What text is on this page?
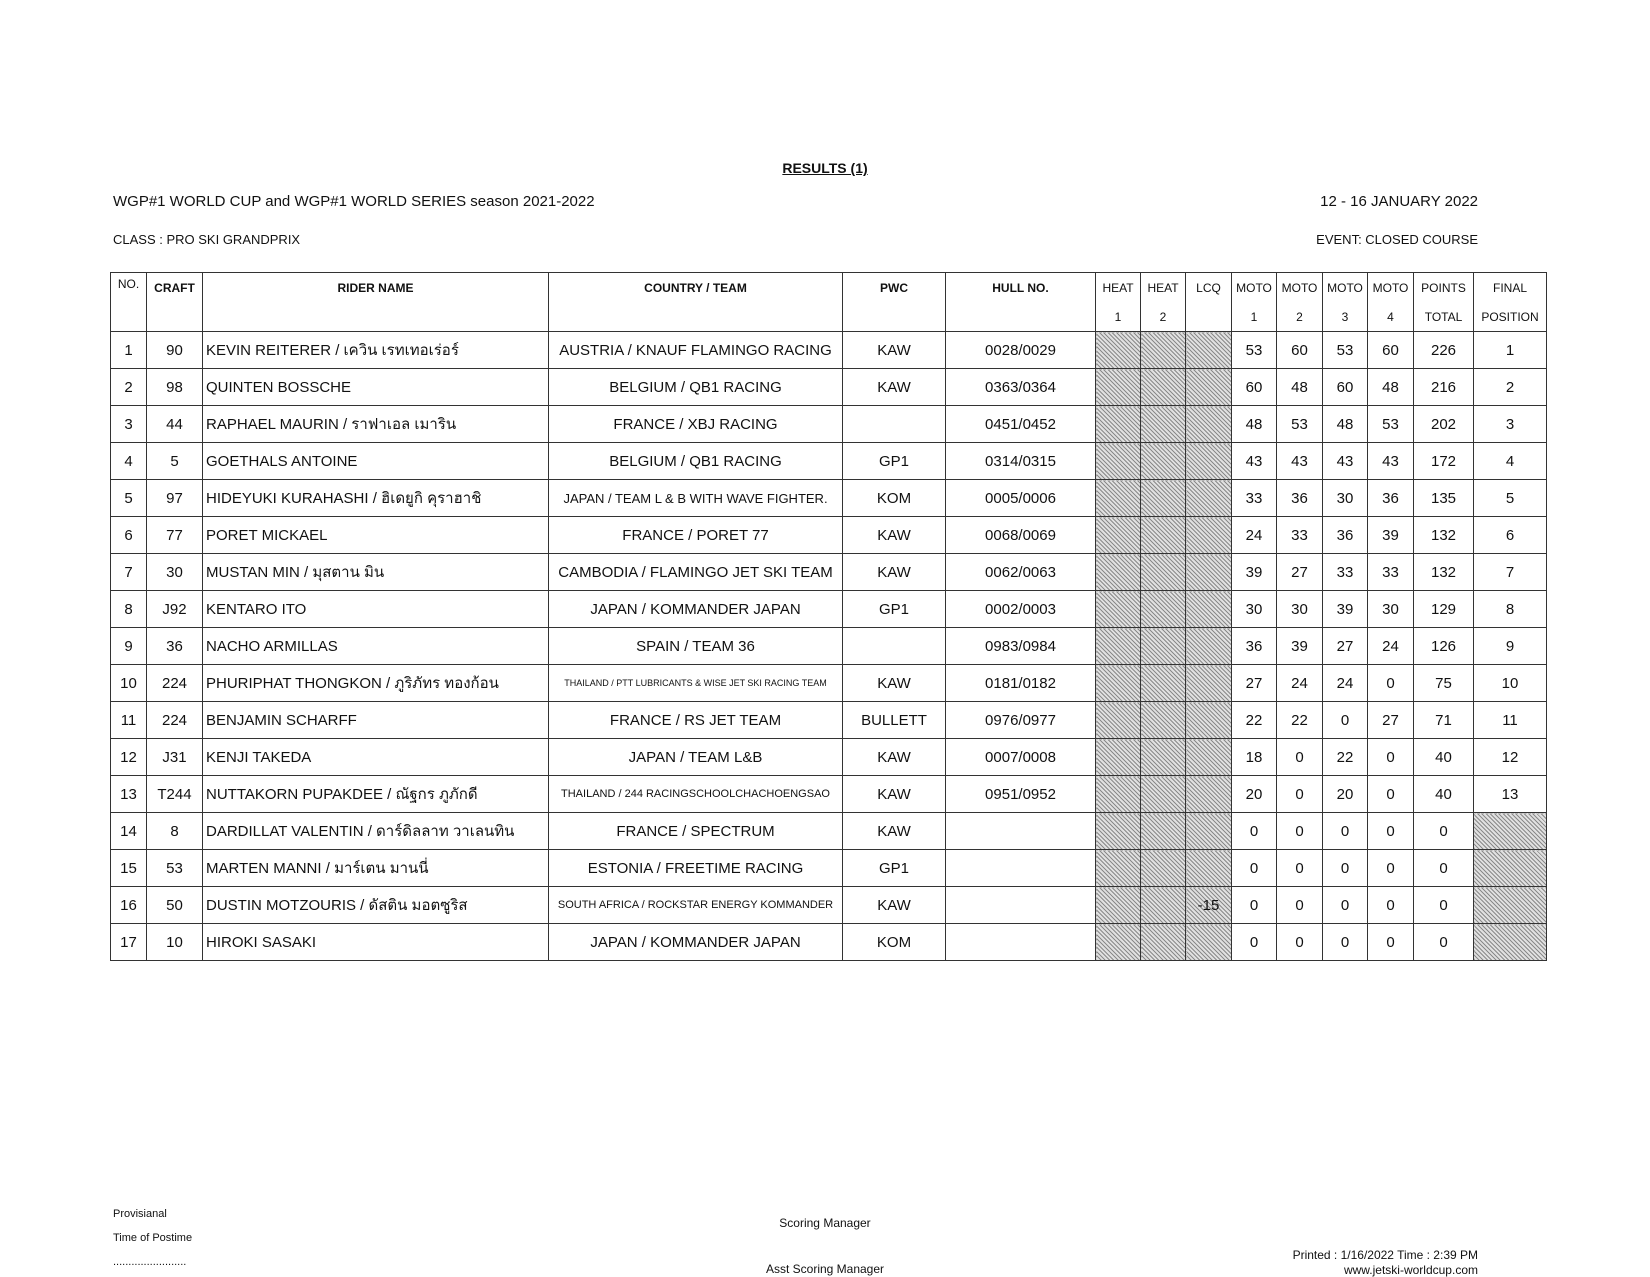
RESULTS (1)
WGP#1 WORLD CUP and WGP#1 WORLD SERIES season 2021-2022	12 - 16 JANUARY 2022
CLASS : PRO SKI GRANDPRIX	EVENT: CLOSED COURSE
NO.	CRAFT	RIDER NAME	COUNTRY / TEAM	PWC	HULL NO.	HEAT	HEAT	LCQ	MOTO	MOTO	MOTO	MOTO	POINTS	FINAL
						1	2		1	2	3	4	TOTAL	POSITION
1	90	KEVIN REITERER / เควิน เรทเทอเร่อร์	AUSTRIA / KNAUF FLAMINGO RACING	KAW	0028/0029				53	60	53	60	226	1
2	98	QUINTEN BOSSCHE	BELGIUM / QB1 RACING	KAW	0363/0364				60	48	60	48	216	2
3	44	RAPHAEL MAURIN / ราฟาเอล เมาริน	FRANCE / XBJ RACING		0451/0452				48	53	48	53	202	3
4	5	GOETHALS ANTOINE	BELGIUM / QB1 RACING	GP1	0314/0315				43	43	43	43	172	4
5	97	HIDEYUKI KURAHASHI / ฮิเดยูกิ คุราฮาชิ	JAPAN / TEAM L & B WITH WAVE FIGHTER.	KOM	0005/0006				33	36	30	36	135	5
6	77	PORET MICKAEL	FRANCE / PORET 77	KAW	0068/0069				24	33	36	39	132	6
7	30	MUSTAN MIN / มุสตาน มิน	CAMBODIA / FLAMINGO JET SKI TEAM	KAW	0062/0063				39	27	33	33	132	7
8	J92	KENTARO ITO	JAPAN / KOMMANDER JAPAN	GP1	0002/0003				30	30	39	30	129	8
9	36	NACHO ARMILLAS	SPAIN / TEAM 36		0983/0984				36	39	27	24	126	9
10	224	PHURIPHAT THONGKON / ภูริภัทร ทองก้อน	THAILAND / PTT LUBRICANTS & WISE JET SKI RACING TEAM	KAW	0181/0182				27	24	24	0	75	10
11	224	BENJAMIN SCHARFF	FRANCE / RS JET TEAM	BULLETT	0976/0977				22	22	0	27	71	11
12	J31	KENJI TAKEDA	JAPAN / TEAM L&B	KAW	0007/0008				18	0	22	0	40	12
13	T244	NUTTAKORN PUPAKDEE / ณัฐกร ภูภักดี	THAILAND / 244 RACINGSCHOOLCHACHOENGSAO	KAW	0951/0952				20	0	20	0	40	13
14	8	DARDILLAT VALENTIN / ดาร์ดิลลาท วาเลนทิน	FRANCE / SPECTRUM	KAW					0	0	0	0	0	
15	53	MARTEN MANNI / มาร์เตน มานนี่	ESTONIA / FREETIME RACING	GP1					0	0	0	0	0	
16	50	DUSTIN MOTZOURIS / ดัสติน มอตซูริส	SOUTH AFRICA / ROCKSTAR ENERGY KOMMANDER	KAW				-15	0	0	0	0	0	
17	10	HIROKI SASAKI	JAPAN / KOMMANDER JAPAN	KOM					0	0	0	0	0	
Provisianal
Time of Postime
........................
Scoring Manager
Asst Scoring Manager
Printed : 1/16/2022 Time : 2:39 PM
www.jetski-worldcup.com
